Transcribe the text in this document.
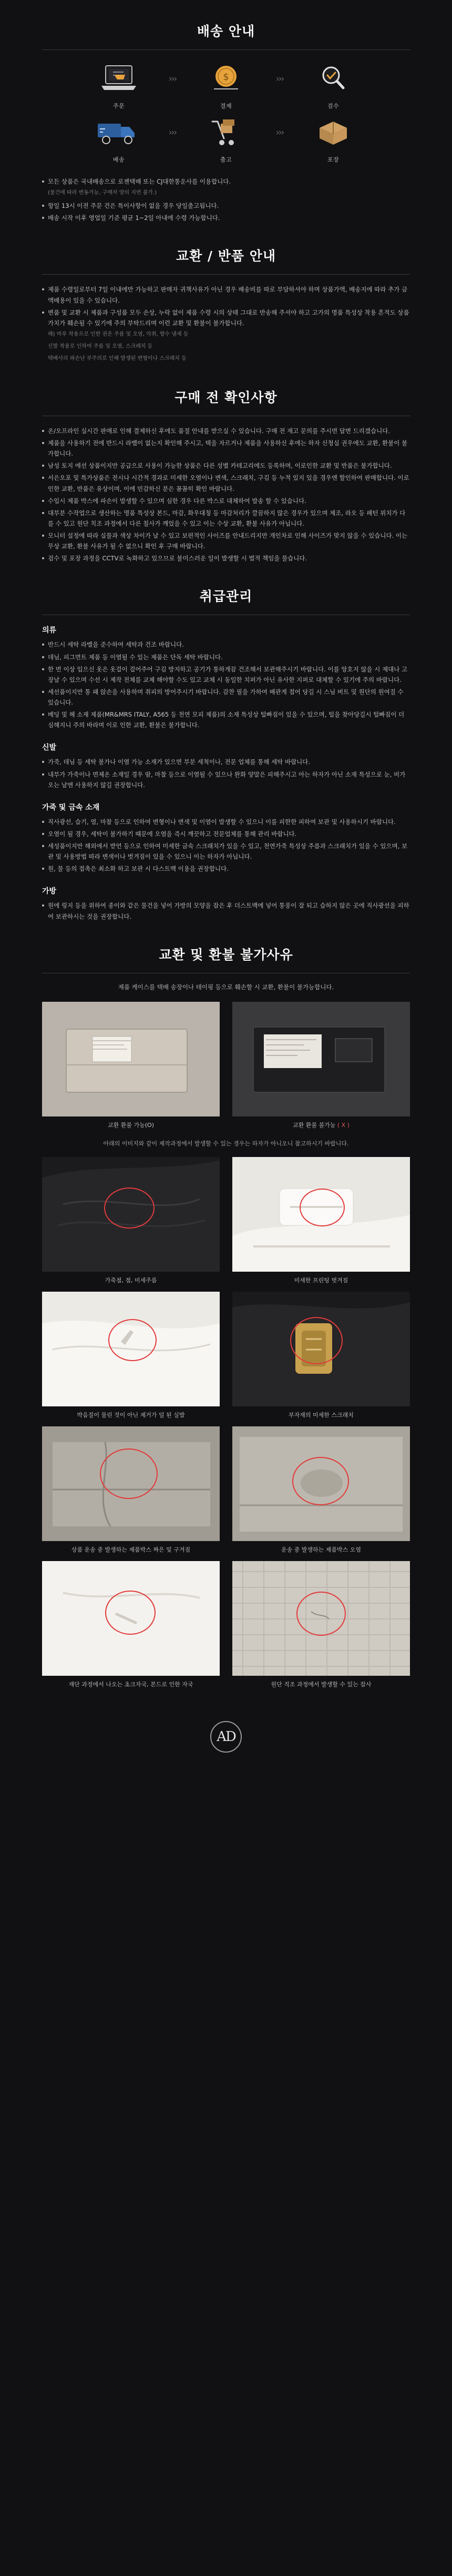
배송 안내
주문
›››	$
결제
›››
검수
배송
›››
출고
›››
포장
모든 상품은 국내배송으로 로젠택배 또는 CJ대한통운사를 이용합니다.
(물건에 따라 변동가능, 구매자 양의 지연 불가.)
항일 13시 이전 주문 건은 특이사항이 없을 경우 당일출고됩니다.
배송 시작 이후 영업일 기준 평균 1~2일 아내에 수령 가능합니다.
교환 / 반품 안내
제품 수령일로부터 7일 이내에만 가능하고 판매자 귀책사유가 아닌 경우 배송비를 따로 부담하셔야 하며 상품가액, 배송지에 따라 추가 금액배용이 있을 수 있습니다.
변품 및 교환 시 제품과 구성품 모두 손상, 누락 없이 제품 수령 시의 상태 그대로 반송해 주셔야 하고 고가의 명품 특성상 착용 흔적도 상품 가치가 훼손될 수 있기에 주의 부탁드리며 이런 교환 및 환불이 불가합니다.
해) 마루 착용으로 인한 권온 주름 및 오염, 악취, 향수 냄새 등
신발 착용로 인하여 주름 및 오염, 스크래치 등
택배사의 파손난 부주의로 인해 발생된 변형이나 스크래치 등
구매 전 확인사항
온/오프라인 실시간 판매로 인해 결제하신 후에도 품절 안내를 받으실 수 있습니다. 구매 전 재고 문의를 주시면 답변 드리겠습니다.
제품을 사용하기 전에 반드시 라벨이 없는지 확인해 주시고, 택을 자르거나 제품을 사용하신 후에는 하자 신청실 권우에도 교환, 환불이 불가합니다.
남성 토지 에선 상품이지만 공급으로 사용이 가능한 상품은 다른 성별 카테고리에도 등록하며, 이로인한 교환 및 반품은 불가합니다.
서은오포 및 특가상품은 전시나 시간적 경과로 미세한 오염이나 변색, 스크래치, 구김 등 누적 있지 있을 경우엔 할인하여 판매합니다. 이로 인한 교환, 반품은 유상이며, 이에 민감하신 분은 꼼꼼히 확인 바랍니다.
수입시 제품 박스에 파손이 발생할 수 있으며 심한 경우 다른 박스로 대체하여 발송 할 수 있습니다.
대부분 수작업으로 생산하는 명품 특성상 본드, 마감, 화우대칭 등 마감처리가 깔끔하지 많은 경우가 있으며 제조, 라오 등 페턴 위치가 다를 수 있고 원단 칙조 과정에서 다른 칠사가 깨었을 수 있고 이는 수상 교환, 환불 사유가 아닙니다.
모니터 설정에 따라 실물과 색상 차이가 날 수 있고 보편적인 사이즈를 안내드리지만 개인차로 인해 사이즈가 맞지 않을 수 있습니다. 이는 무상 교환, 환불 사유가 될 수 없으니 확인 후 구매 바랍니다.
검수 및 포장 과정을 CCTV로 녹화하고 있으므로 불미스러운 일이 발생할 시 법적 책임을 물습니다.
취급관리
의류
반드시 세탁 라벨을 준수하여 세탁과 건조 바랍니다.
데님, 피그먼트 제품 등 이염될 수 있는 제품은 단독 세탁 바랍니다.
한 번 이상 입으신 옷은 옷걸이 걸어주어 구김 방지하고 공기가 통하게끔 건조해서 보관해주시기 바랍니다. 이를 앙호지 않을 시 제대나 고장날 수 있으며 수선 시 제작 전체를 교체 해야할 수도 있고 교체 시 동일한 치퍼가 아닌 유사한 지퍼로 대체할 수 있기에 주의 바랍니다.
세선품이지만 통 패 앉손을 사용하며 취피의 방어주시기 바랍니다. 감찬 필을 가하여 배관게 접어 당길 시 스님 버트 및 원단의 원여질 수 있습니다.
베딩 및 헤 소재 제품(MR&MRS ITALY, A565 등 천연 모피 제품)의 소재 특성상 털빠짐이 있을 수 있으며, 털을 찾아당길시 털빠짐이 더 심해지니 주의 바라며 이로 인한 교환, 환불은 불가합니다.
신발
가죽, 데님 등 세탁 불가나 이염 가능 소재가 있으면 부분 세척이나, 전문 업체를 통해 세탁 바랍니다.
내부가 가죽이나 면제온 소재일 경우 땀, 마찰 등으로 이염될 수 있으나 완화 양말은 피해주시고 아는 하자가 아닌 소재 특성으로 눈, 비가 오는 날엔 사용하지 않길 권장합니다.
가죽 및 금속 소재
직사광선, 습기, 열, 마찰 등으로 인하여 변형이나 변색 및 이염이 발생할 수 있으니 이를 피한한 피하여 보관 및 사용하시기 바랍니다.
오염이 될 경우, 세탁이 불가하기 때문에 오염을 즉시 깨끗하고 전문업체를 통해 관리 바랍니다.
세성품이지만 해외에서 받언 등으로 인하여 미세한 금속 스크래치가 있을 수 있고, 천연가죽 특성상 주름과 스크래치가 있을 수 있으며, 보관 및 사용방법 따라 변색이나 벗겨짐이 있을 수 있으니 이는 하자가 아닙니다.
원, 물 등의 접촉은 최소화 하고 보관 시 다스트백 이용을 권장합니다.
가방
원에 링지 등을 위하여 종이와 같은 물건을 넣어 가방의 모양을 잡은 후 더스트백에 넣어 통풍이 잘 되고 습하지 않은 곳에 직사광선을 피하여 보관하시는 것을 권장합니다.
교환 및 환불 불가사유
제품 케이스를 택배 송장이나 테이핑 등으로 훼손할 시 교환, 환불이 불가능합니다.
교환 환불 가능(O)	교환 환불 불가능 ( X )
아래의 이미지와 같이 제작과정에서 발생할 수 있는 경우는 하자가 아니오니 참고하시기 바랍니다.
가죽점, 점, 미세주름	미세한 프린팅 벗겨짐
박음질이 물린 것이 아닌 제거가 덜 된 실밥	부자재의 미세한 스크래치
상품 운송 중 발생하는 제품박스 짜은 및 구겨짐	운송 중 발생하는 제품박스 오염
재단 과정에서 나오는 초크자국, 본드로 인한 자국	원단 직조 과정에서 발생할 수 있는 잡사
AD
